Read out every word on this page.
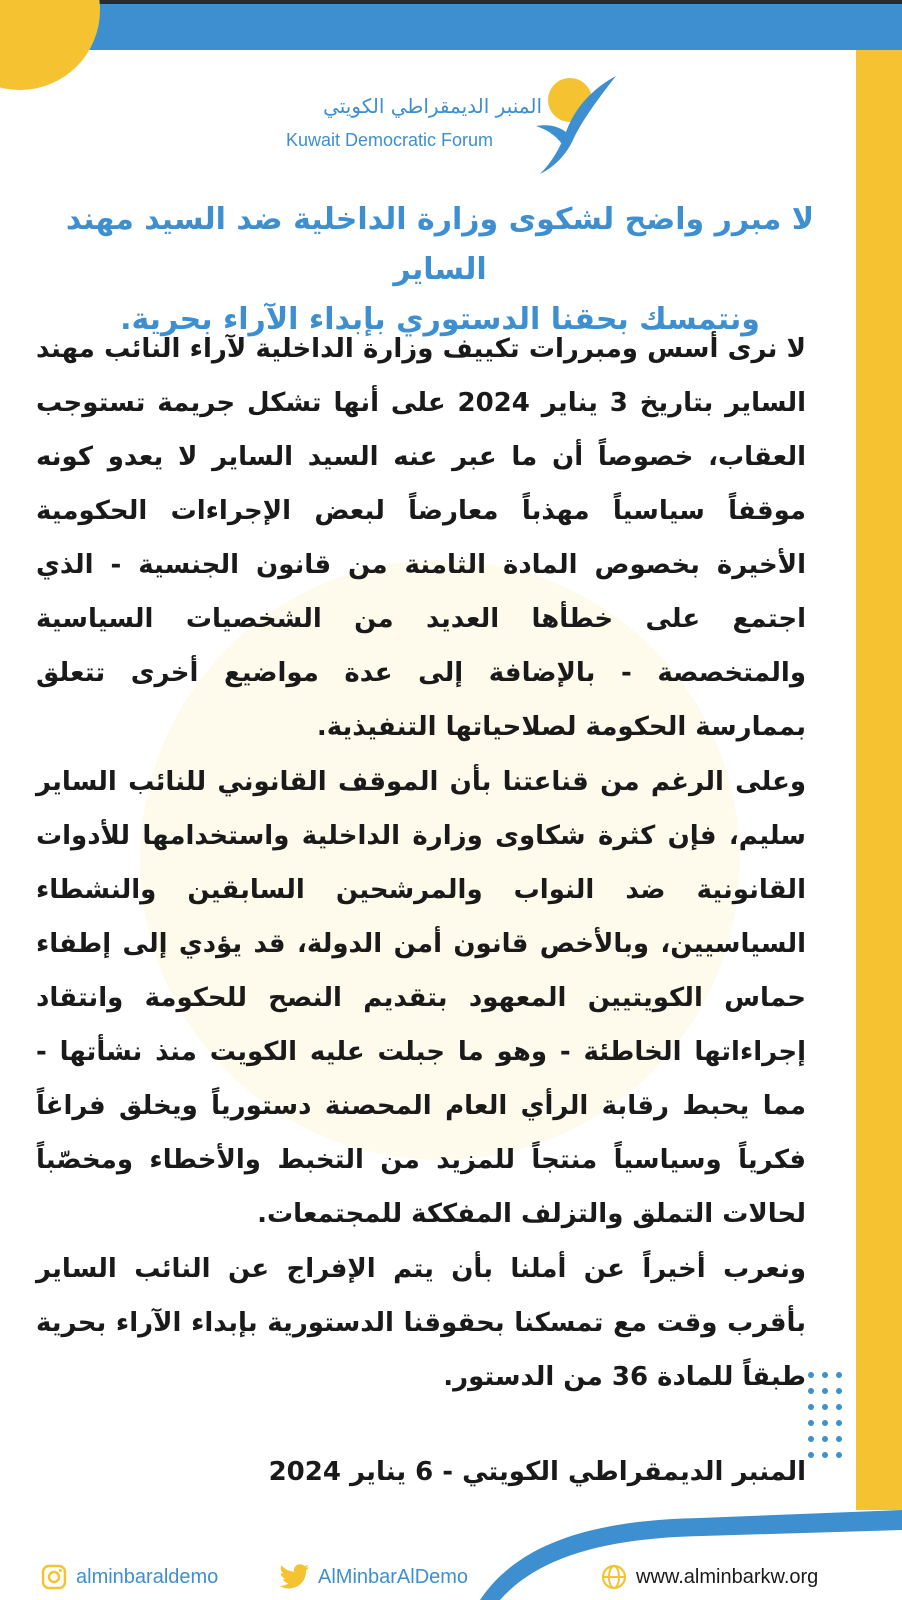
المنبر الديمقراطي الكويتي
Kuwait Democratic Forum
لا مبرر واضح لشكوى وزارة الداخلية ضد السيد مهند الساير
ونتمسك بحقنا الدستوري بإبداء الآراء بحرية.
لا نرى أسس ومبررات تكييف وزارة الداخلية لآراء النائب مهند الساير بتاريخ 3 يناير 2024 على أنها تشكل جريمة تستوجب العقاب، خصوصاً أن ما عبر عنه السيد الساير لا يعدو كونه موقفاً سياسياً مهذباً معارضاً لبعض الإجراءات الحكومية الأخيرة بخصوص المادة الثامنة من قانون الجنسية - الذي اجتمع على خطأها العديد من الشخصيات السياسية والمتخصصة - بالإضافة إلى عدة مواضيع أخرى تتعلق بممارسة الحكومة لصلاحياتها التنفيذية.
وعلى الرغم من قناعتنا بأن الموقف القانوني للنائب الساير سليم، فإن كثرة شكاوى وزارة الداخلية واستخدامها للأدوات القانونية ضد النواب والمرشحين السابقين والنشطاء السياسيين، وبالأخص قانون أمن الدولة، قد يؤدي إلى إطفاء حماس الكويتيين المعهود بتقديم النصح للحكومة وانتقاد إجراءاتها الخاطئة - وهو ما جبلت عليه الكويت منذ نشأتها - مما يحبط رقابة الرأي العام المحصنة دستورياً ويخلق فراغاً فكرياً وسياسياً منتجاً للمزيد من التخبط والأخطاء ومخصّباً لحالات التملق والتزلف المفككة للمجتمعات.
ونعرب أخيراً عن أملنا بأن يتم الإفراج عن النائب الساير بأقرب وقت مع تمسكنا بحقوقنا الدستورية بإبداء الآراء بحرية طبقاً للمادة 36 من الدستور.
المنبر الديمقراطي الكويتي - 6 يناير 2024
alminbaraldemo	AlMinbarAlDemo	www.alminbarkw.org
